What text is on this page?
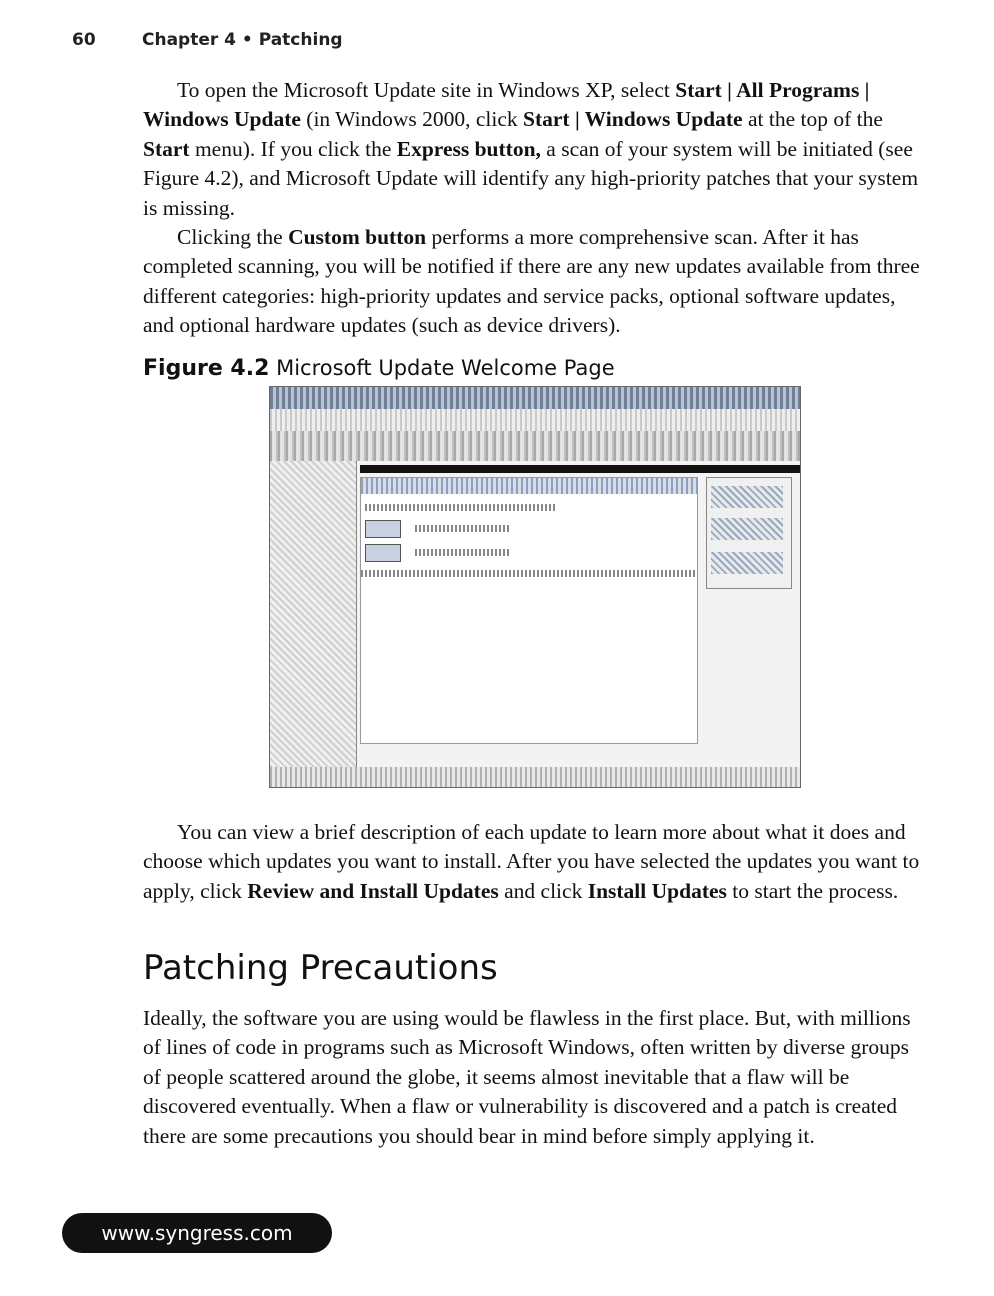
60	Chapter 4 • Patching

To open the Microsoft Update site in Windows XP, select Start | All Programs | Windows Update (in Windows 2000, click Start | Windows Update at the top of the Start menu). If you click the Express button, a scan of your system will be initiated (see Figure 4.2), and Microsoft Update will identify any high-priority patches that your system is missing.

Clicking the Custom button performs a more comprehensive scan. After it has completed scanning, you will be notified if there are any new updates available from three different categories: high-priority updates and service packs, optional software updates, and optional hardware updates (such as device drivers).

Figure 4.2 Microsoft Update Welcome Page

You can view a brief description of each update to learn more about what it does and choose which updates you want to install. After you have selected the updates you want to apply, click Review and Install Updates and click Install Updates to start the process.

Patching Precautions

Ideally, the software you are using would be flawless in the first place. But, with millions of lines of code in programs such as Microsoft Windows, often written by diverse groups of people scattered around the globe, it seems almost inevitable that a flaw will be discovered eventually. When a flaw or vulnerability is discovered and a patch is created there are some precautions you should bear in mind before simply applying it.

www.syngress.com
